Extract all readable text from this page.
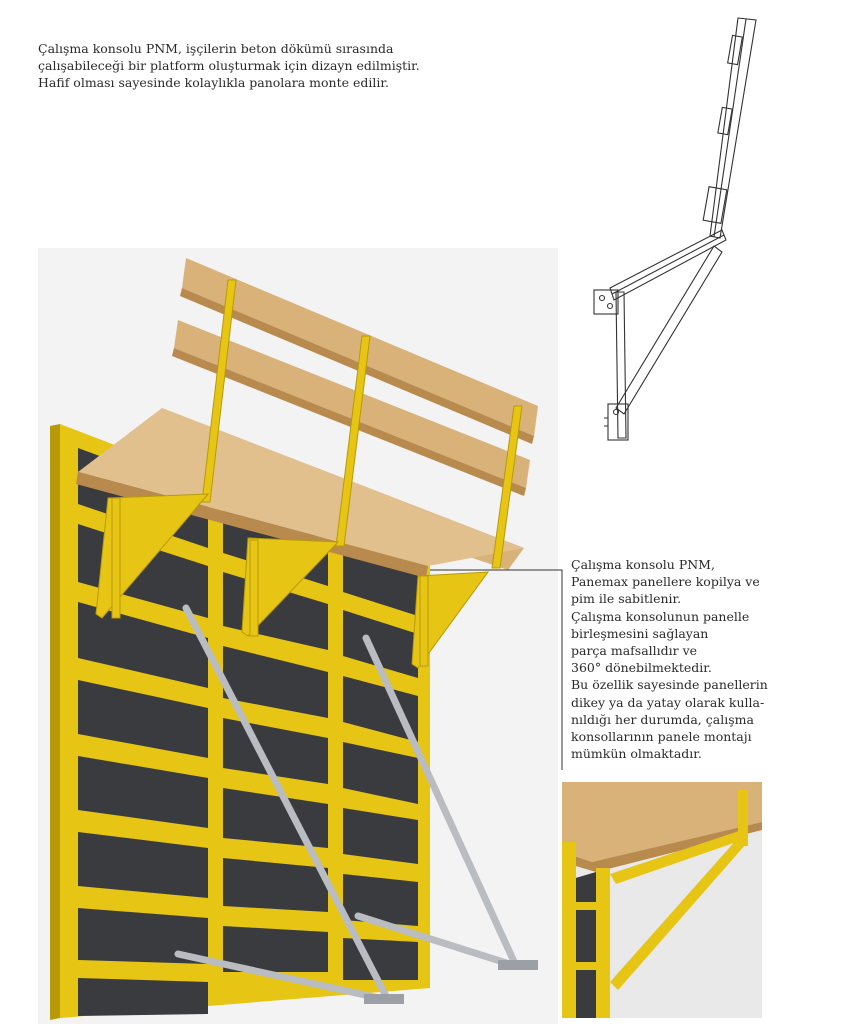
Çalışma konsolu PNM, işçilerin beton dökümü sırasında
çalışabileceği bir platform oluşturmak için dizayn edilmiştir.
Hafif olması sayesinde kolaylıkla panolara monte edilir.

Çalışma konsolu PNM,
Panemax panellere kopilya ve
pim ile sabitlenir.
Çalışma konsolunun panelle
birleşmesini sağlayan
parça mafsallıdır ve
360° dönebilmektedir.
Bu özellik sayesinde panellerin
dikey ya da yatay olarak kulla-
nıldığı her durumda, çalışma
konsollarının panele montajı
mümkün olmaktadır.
